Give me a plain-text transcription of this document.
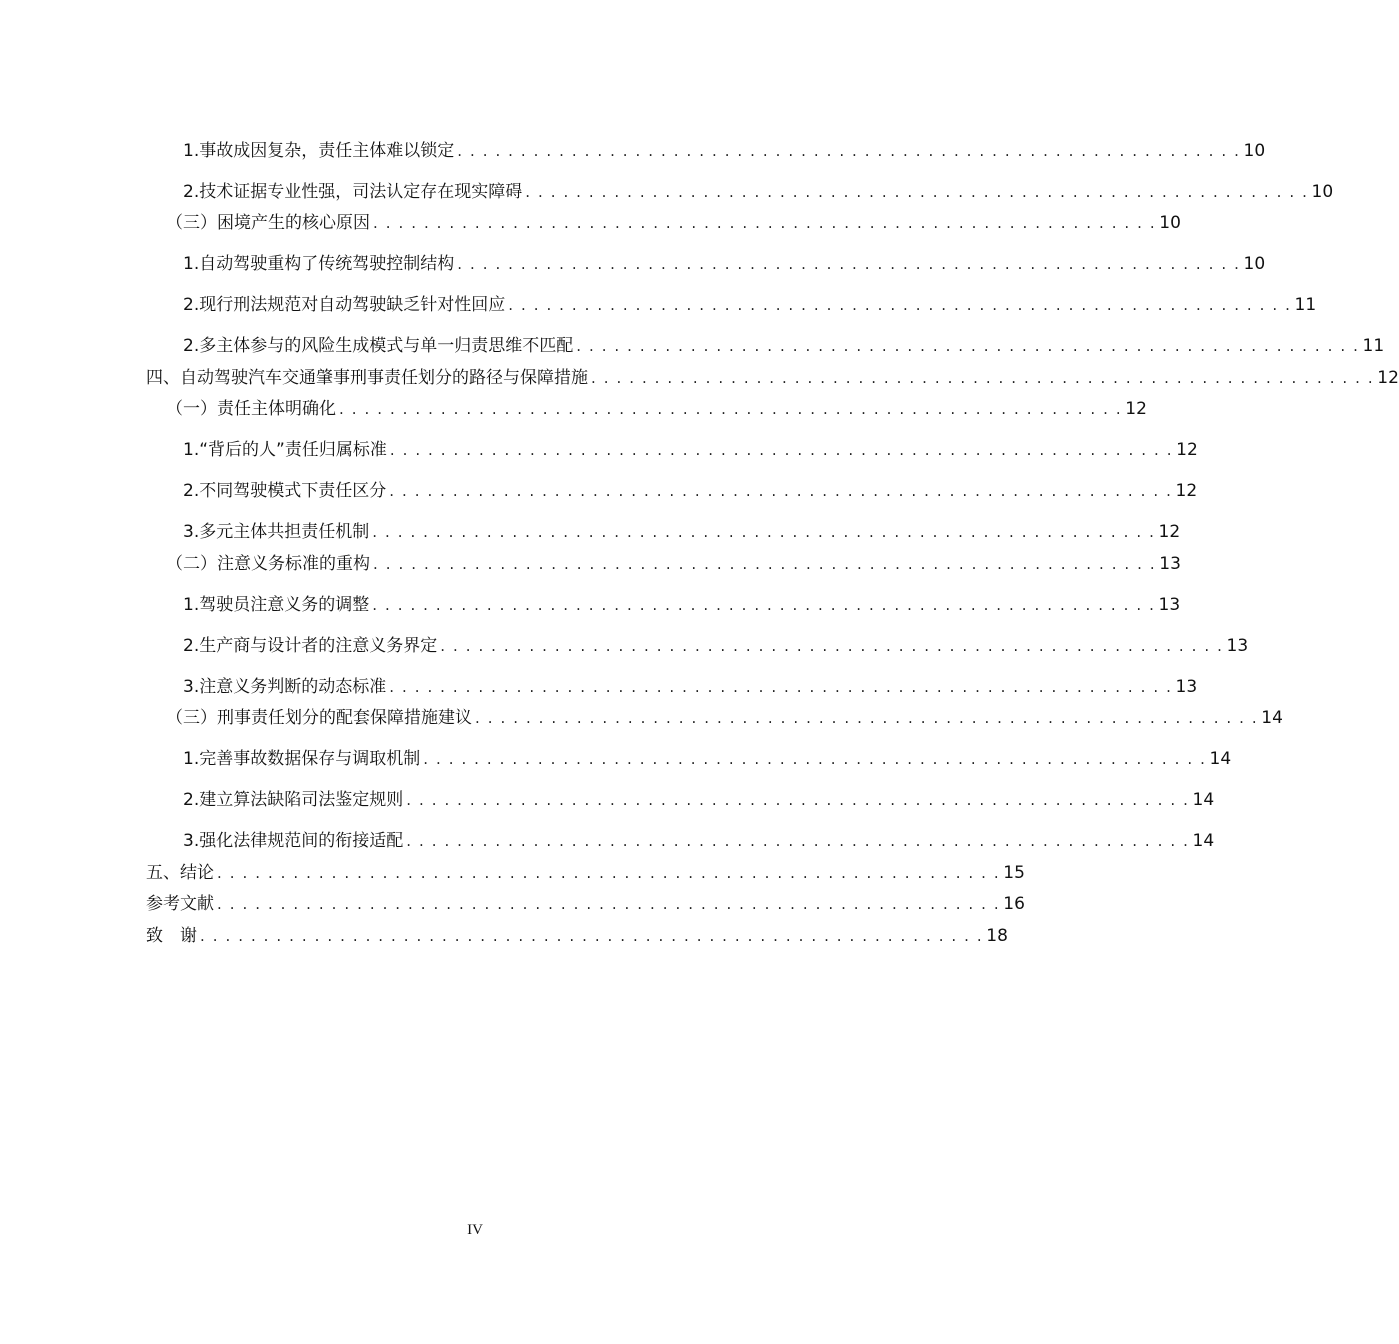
1.事故成因复杂，责任主体难以锁定 . . . . . . . . . . . . . . . . . . . . . . . . . . . . . . . . . . . . . . . . . . . . . . . . . . . . . . . . . . . . . . 10
2.技术证据专业性强，司法认定存在现实障碍 . . . . . . . . . . . . . . . . . . . . . . . . . . . . . . . . . . . . . . . . . . . . . . . . . . . . . . . . . . . . . . 10
（三）困境产生的核心原因 . . . . . . . . . . . . . . . . . . . . . . . . . . . . . . . . . . . . . . . . . . . . . . . . . . . . . . . . . . . . . . 10
1.自动驾驶重构了传统驾驶控制结构 . . . . . . . . . . . . . . . . . . . . . . . . . . . . . . . . . . . . . . . . . . . . . . . . . . . . . . . . . . . . . . 10
2.现行刑法规范对自动驾驶缺乏针对性回应 . . . . . . . . . . . . . . . . . . . . . . . . . . . . . . . . . . . . . . . . . . . . . . . . . . . . . . . . . . . . . . 11
2.多主体参与的风险生成模式与单一归责思维不匹配 . . . . . . . . . . . . . . . . . . . . . . . . . . . . . . . . . . . . . . . . . . . . . . . . . . . . . . . . . . . . . . 11
四、自动驾驶汽车交通肇事刑事责任划分的路径与保障措施 . . . . . . . . . . . . . . . . . . . . . . . . . . . . . . . . . . . . . . . . . . . . . . . . . . . . . . . . . . . . . . 12
（一）责任主体明确化 . . . . . . . . . . . . . . . . . . . . . . . . . . . . . . . . . . . . . . . . . . . . . . . . . . . . . . . . . . . . . . 12
1.“背后的人”责任归属标准 . . . . . . . . . . . . . . . . . . . . . . . . . . . . . . . . . . . . . . . . . . . . . . . . . . . . . . . . . . . . . . 12
2.不同驾驶模式下责任区分 . . . . . . . . . . . . . . . . . . . . . . . . . . . . . . . . . . . . . . . . . . . . . . . . . . . . . . . . . . . . . . 12
3.多元主体共担责任机制 . . . . . . . . . . . . . . . . . . . . . . . . . . . . . . . . . . . . . . . . . . . . . . . . . . . . . . . . . . . . . . 12
（二）注意义务标准的重构 . . . . . . . . . . . . . . . . . . . . . . . . . . . . . . . . . . . . . . . . . . . . . . . . . . . . . . . . . . . . . . 13
1.驾驶员注意义务的调整 . . . . . . . . . . . . . . . . . . . . . . . . . . . . . . . . . . . . . . . . . . . . . . . . . . . . . . . . . . . . . . 13
2.生产商与设计者的注意义务界定 . . . . . . . . . . . . . . . . . . . . . . . . . . . . . . . . . . . . . . . . . . . . . . . . . . . . . . . . . . . . . . 13
3.注意义务判断的动态标准 . . . . . . . . . . . . . . . . . . . . . . . . . . . . . . . . . . . . . . . . . . . . . . . . . . . . . . . . . . . . . . 13
（三）刑事责任划分的配套保障措施建议 . . . . . . . . . . . . . . . . . . . . . . . . . . . . . . . . . . . . . . . . . . . . . . . . . . . . . . . . . . . . . . 14
1.完善事故数据保存与调取机制 . . . . . . . . . . . . . . . . . . . . . . . . . . . . . . . . . . . . . . . . . . . . . . . . . . . . . . . . . . . . . . 14
2.建立算法缺陷司法鉴定规则 . . . . . . . . . . . . . . . . . . . . . . . . . . . . . . . . . . . . . . . . . . . . . . . . . . . . . . . . . . . . . . 14
3.强化法律规范间的衔接适配 . . . . . . . . . . . . . . . . . . . . . . . . . . . . . . . . . . . . . . . . . . . . . . . . . . . . . . . . . . . . . . 14
五、结论 . . . . . . . . . . . . . . . . . . . . . . . . . . . . . . . . . . . . . . . . . . . . . . . . . . . . . . . . . . . . . . 15
参考文献 . . . . . . . . . . . . . . . . . . . . . . . . . . . . . . . . . . . . . . . . . . . . . . . . . . . . . . . . . . . . . . 16
致　谢 . . . . . . . . . . . . . . . . . . . . . . . . . . . . . . . . . . . . . . . . . . . . . . . . . . . . . . . . . . . . . . 18
IV
